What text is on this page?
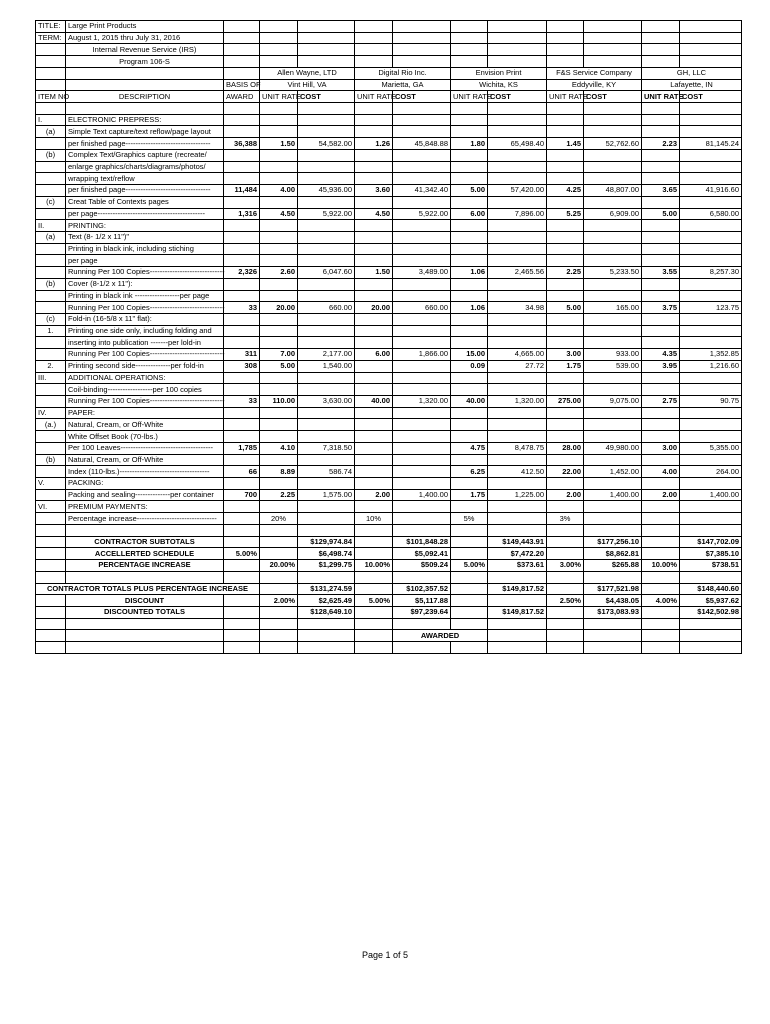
TITLE:	Large Print Products											
TERM:	August 1, 2015 thru July 31, 2016											
	Internal Revenue Service (IRS)											
	Program 106-S											
			Allen Wayne, LTD		Digital Rio Inc.		Envision Print		F&S Service Company		GH, LLC	
		BASIS OF	Vint Hill, VA		Marietta, GA		Wichita, KS		Eddyville, KY		Lafayette, IN	
ITEM NO	DESCRIPTION	AWARD	UNIT RATE	COST	UNIT RATE	COST	UNIT RATE	COST	UNIT RATE	COST	UNIT RATE	COST

I.	ELECTRONIC PREPRESS:											
(a)	Simple Text capture/text reflow/page layout											
	per finished page----------------------------------	36,388	1.50	54,582.00	1.26	45,848.88	1.80	65,498.40	1.45	52,762.60	2.23	81,145.24
(b)	Complex Text/Graphics capture (recreate/											
	enlarge graphics/charts/diagrams/photos/											
	wrapping text/reflow											
	per finished page----------------------------------	11,484	4.00	45,936.00	3.60	41,342.40	5.00	57,420.00	4.25	48,807.00	3.65	41,916.60
(c)	Creat Table of Contexts pages											
	per page-------------------------------------------	1,316	4.50	5,922.00	4.50	5,922.00	6.00	7,896.00	5.25	6,909.00	5.00	6,580.00
II.	PRINTING:											
(a)	Text (8- 1/2 x 11")"											
	Printing in black ink, including stiching											
	per page											
	Running Per 100 Copies------------------------------	2,326	2.60	6,047.60	1.50	3,489.00	1.06	2,465.56	2.25	5,233.50	3.55	8,257.30
(b)	Cover (8-1/2 x 11"):											
	Printing in black ink ------------------per page											
	Running Per 100 Copies------------------------------	33	20.00	660.00	20.00	660.00	1.06	34.98	5.00	165.00	3.75	123.75
(c)	Fold-in (16-5/8 x 11" flat):											
1.	Printing one side only, including folding and											
	inserting into publication -------per lold-in											
	Running Per 100 Copies------------------------------	311	7.00	2,177.00	6.00	1,866.00	15.00	4,665.00	3.00	933.00	4.35	1,352.85
2.	Printing second side--------------per fold-in	308	5.00	1,540.00			0.09	27.72	1.75	539.00	3.95	1,216.60
III.	ADDITIONAL OPERATIONS:											
	Coil-binding------------------per 100 copies											
	Running Per 100 Copies------------------------------	33	110.00	3,630.00	40.00	1,320.00	40.00	1,320.00	275.00	9,075.00	2.75	90.75
IV.	PAPER:											
(a.)	Natural, Cream, or Off-White											
	White Offset Book (70-lbs.)											
	Per 100 Leaves-------------------------------------	1,785	4.10	7,318.50			4.75	8,478.75	28.00	49,980.00	3.00	5,355.00
(b)	Natural, Cream, or Off-White											
	Index (110-lbs.)------------------------------------	66	8.89	586.74			6.25	412.50	22.00	1,452.00	4.00	264.00
V.	PACKING:											
	Packing and sealing--------------per container	700	2.25	1,575.00	2.00	1,400.00	1.75	1,225.00	2.00	1,400.00	2.00	1,400.00
VI.	PREMIUM PAYMENTS:											
	Percentage increase--------------------------------		20%		10%		5%		3%			

	CONTRACTOR SUBTOTALS			$129,974.84		$101,848.28		$149,443.91		$177,256.10		$147,702.09
	ACCELLERTED SCHEDULE	5.00%		$6,498.74		$5,092.41		$7,472.20		$8,862.81		$7,385.10
	PERCENTAGE INCREASE		20.00%	$1,299.75	10.00%	$509.24	5.00%	$373.61	3.00%	$265.88	10.00%	$738.51

CONTRACTOR TOTALS PLUS PERCENTAGE INCREASE				$131,274.59		$102,357.52		$149,817.52		$177,521.98		$148,440.60
	DISCOUNT		2.00%	$2,625.49	5.00%	$5,117.88			2.50%	$4,438.05	4.00%	$5,937.62
	DISCOUNTED TOTALS			$128,649.10		$97,239.64		$149,817.52		$173,083.93		$142,502.98

						AWARDED						

Page 1 of 5
